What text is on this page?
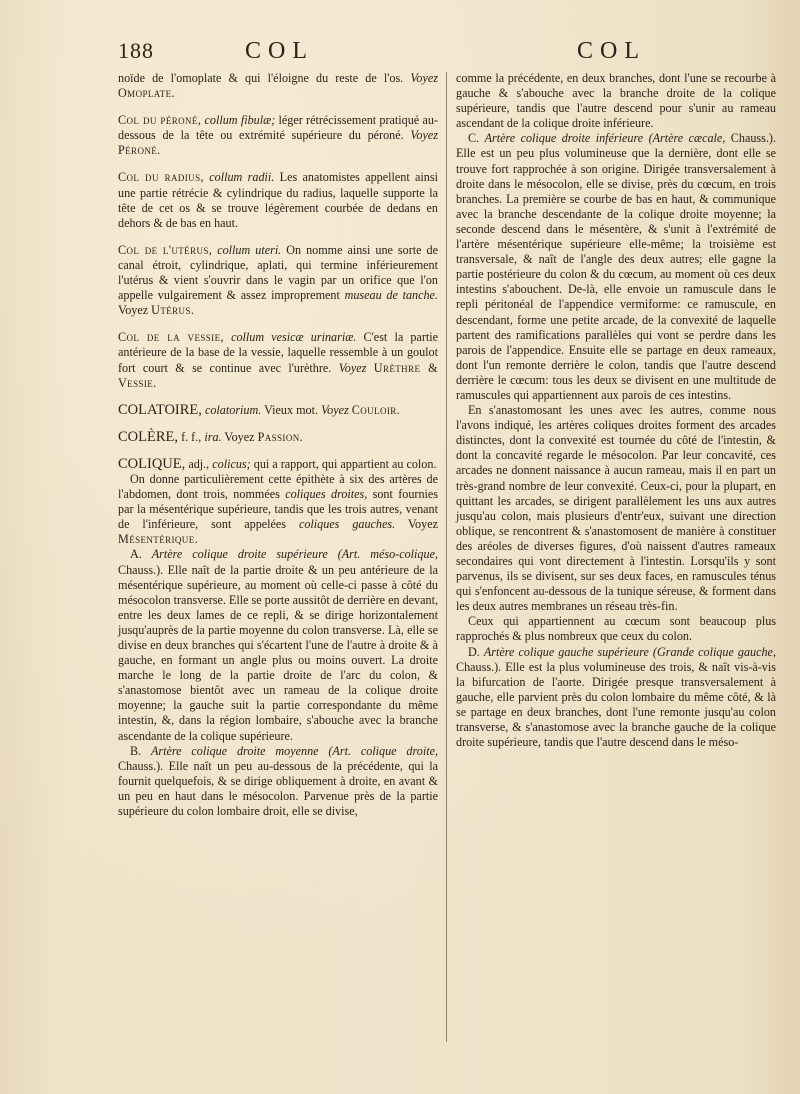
188	COL	COL

noïde de l'omoplate & qui l'éloigne du reste de l'os. Voyez Omoplate.

Col du péroné, collum fibulæ; léger rétrécissement pratiqué au-dessous de la tête ou extrémité supérieure du péroné. Voyez Péroné.

Col du radius, collum radii. Les anatomistes appellent ainsi une partie rétrécie & cylindrique du radius, laquelle supporte la tête de cet os & se trouve légèrement courbée de dedans en dehors & de bas en haut.

Col de l'utérus, collum uteri. On nomme ainsi une sorte de canal étroit, cylindrique, aplati, qui termine inférieurement l'utérus & vient s'ouvrir dans le vagin par un orifice que l'on appelle vulgairement & assez improprement museau de tanche. Voyez Utérus.

Col de la vessie, collum vesicæ urinariæ. C'est la partie antérieure de la base de la vessie, laquelle ressemble à un goulot fort court & se continue avec l'urèthre. Voyez Urèthre & Vessie.

COLATOIRE, colatorium. Vieux mot. Voyez Couloir.

COLÈRE, f. f., ira. Voyez Passion.

COLIQUE, adj., colicus; qui a rapport, qui appartient au colon.

On donne particulièrement cette épithète à six des artères de l'abdomen, dont trois, nommées coliques droites, sont fournies par la mésentérique supérieure, tandis que les trois autres, venant de l'inférieure, sont appelées coliques gauches. Voyez Mésentérique.

A. Artère colique droite supérieure (Art. méso-colique, Chauss.). Elle naît de la partie droite & un peu antérieure de la mésentérique supérieure, au moment où celle-ci passe à côté du mésocolon transverse. Elle se porte aussitôt de derrière en devant, entre les deux lames de ce repli, & se dirige horizontalement jusqu'auprès de la partie moyenne du colon transverse. Là, elle se divise en deux branches qui s'écartent l'une de l'autre à droite & à gauche, en formant un angle plus ou moins ouvert. La droite marche le long de la partie droite de l'arc du colon, & s'anastomose bientôt avec un rameau de la colique droite moyenne; la gauche suit la partie correspondante du même intestin, &, dans la région lombaire, s'abouche avec la branche ascendante de la colique supérieure.

B. Artère colique droite moyenne (Art. colique droite, Chauss.). Elle naît un peu au-dessous de la précédente, qui la fournit quelquefois, & se dirige obliquement à droite, en avant & un peu en haut dans le mésocolon. Parvenue près de la partie supérieure du colon lombaire droit, elle se divise,

comme la précédente, en deux branches, dont l'une se recourbe à gauche & s'abouche avec la branche droite de la colique supérieure, tandis que l'autre descend pour s'unir au rameau ascendant de la colique droite inférieure.

C. Artère colique droite inférieure (Artère cæcale, Chauss.). Elle est un peu plus volumineuse que la dernière, dont elle se trouve fort rapprochée à son origine. Dirigée transversalement à droite dans le mésocolon, elle se divise, près du cœcum, en trois branches. La première se courbe de bas en haut, & communique avec la branche descendante de la colique droite moyenne; la seconde descend dans le mésentère, & s'unit à l'extrémité de l'artère mésentérique supérieure elle-même; la troisième est transversale, & naît de l'angle des deux autres; elle gagne la partie postérieure du colon & du cœcum, au moment où ces deux intestins s'abouchent. De-là, elle envoie un ramuscule dans le repli péritonéal de l'appendice vermiforme: ce ramuscule, en descendant, forme une petite arcade, de la convexité de laquelle partent des ramifications parallèles qui vont se perdre dans les parois de l'appendice. Ensuite elle se partage en deux rameaux, dont l'un remonte derrière le colon, tandis que l'autre descend derrière le cœcum: tous les deux se divisent en une multitude de ramuscules qui appartiennent aux parois de ces intestins.

En s'anastomosant les unes avec les autres, comme nous l'avons indiqué, les artères coliques droites forment des arcades distinctes, dont la convexité est tournée du côté de l'intestin, & dont la concavité regarde le mésocolon. Par leur concavité, ces arcades ne donnent naissance à aucun rameau, mais il en part un très-grand nombre de leur convexité. Ceux-ci, pour la plupart, en quittant les arcades, se dirigent parallèlement les uns aux autres jusqu'au colon, mais plusieurs d'entr'eux, suivant une direction oblique, se rencontrent & s'anastomosent de manière à constituer des aréoles de diverses figures, d'où naissent d'autres rameaux secondaires qui vont directement à l'intestin. Lorsqu'ils y sont parvenus, ils se divisent, sur ses deux faces, en ramuscules ténus qui s'enfoncent au-dessous de la tunique séreuse, & forment dans les deux autres membranes un réseau très-fin.

Ceux qui appartiennent au cœcum sont beaucoup plus rapprochés & plus nombreux que ceux du colon.

D. Artère colique gauche supérieure (Grande colique gauche, Chauss.). Elle est la plus volumineuse des trois, & naît vis-à-vis la bifurcation de l'aorte. Dirigée presque transversalement à gauche, elle parvient près du colon lombaire du même côté, & là se partage en deux branches, dont l'une remonte jusqu'au colon transverse, & s'anastomose avec la branche gauche de la colique droite supérieure, tandis que l'autre descend dans le méso-
